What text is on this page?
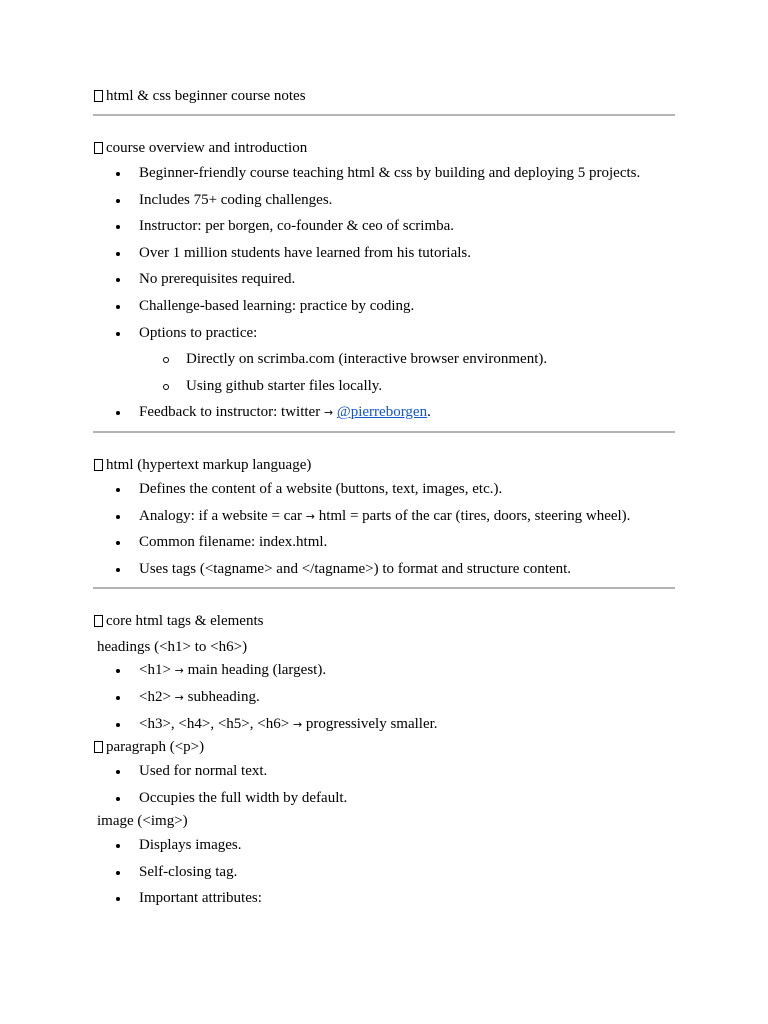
html & css beginner course notes
course overview and introduction
Beginner-friendly course teaching html & css by building and deploying 5 projects.
Includes 75+ coding challenges.
Instructor: per borgen, co-founder & ceo of scrimba.
Over 1 million students have learned from his tutorials.
No prerequisites required.
Challenge-based learning: practice by coding.
Options to practice:
Directly on scrimba.com (interactive browser environment).
Using github starter files locally.
Feedback to instructor: twitter → @pierreborgen.
html (hypertext markup language)
Defines the content of a website (buttons, text, images, etc.).
Analogy: if a website = car → html = parts of the car (tires, doors, steering wheel).
Common filename: index.html.
Uses tags (<tagname> and </tagname>) to format and structure content.
core html tags & elements
headings (<h1> to <h6>)
<h1> → main heading (largest).
<h2> → subheading.
<h3>, <h4>, <h5>, <h6> → progressively smaller.
paragraph (<p>)
Used for normal text.
Occupies the full width by default.
image (<img>)
Displays images.
Self-closing tag.
Important attributes:
